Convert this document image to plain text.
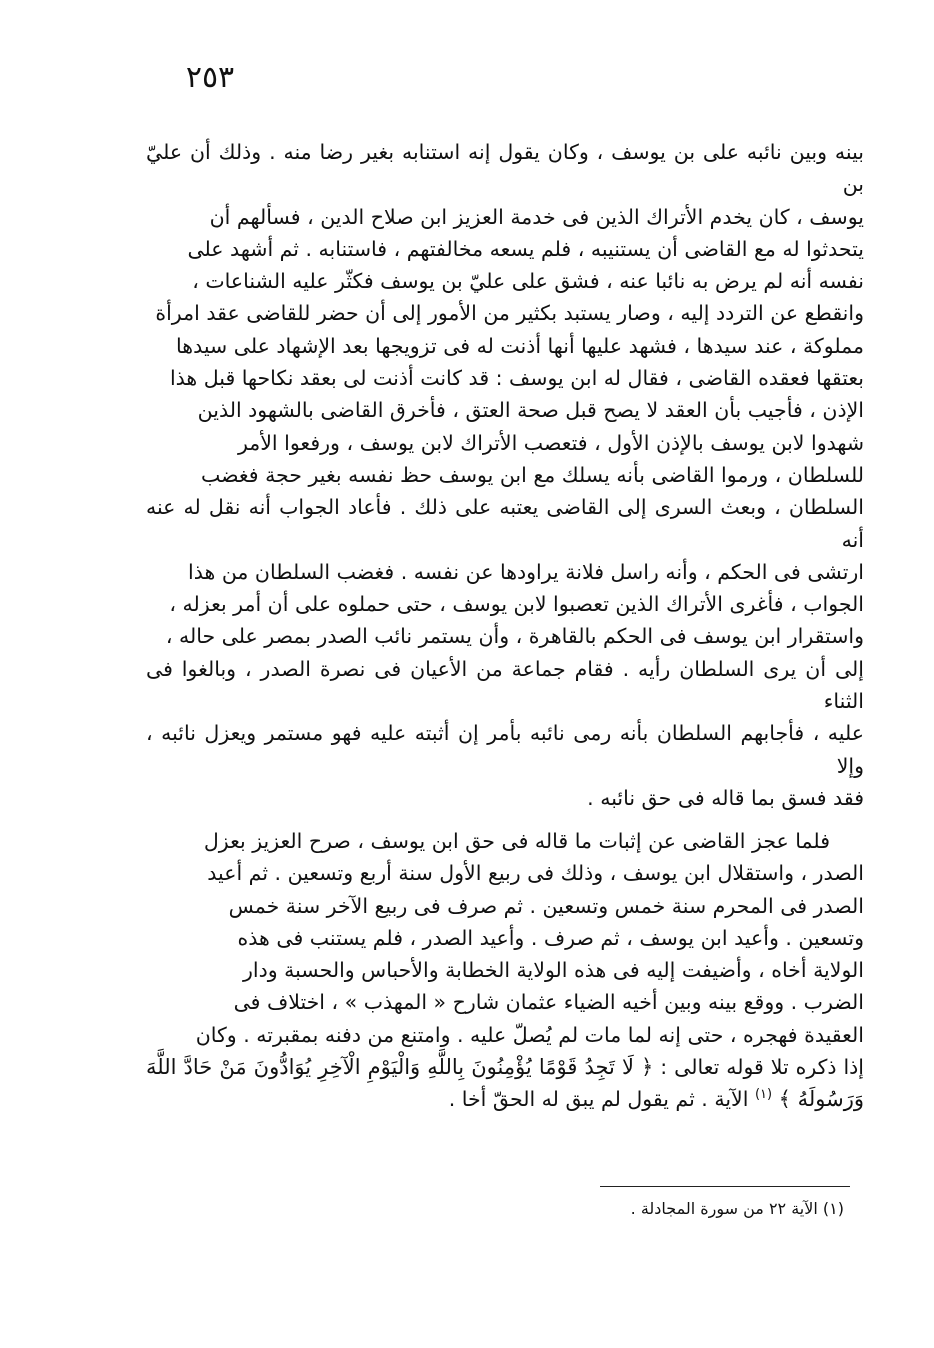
٢٥٣

بينه وبين نائبه على بن يوسف ، وكان يقول إنه استنابه بغير رضا منه . وذلك أن عليّ بن

يوسف ، كان يخدم الأتراك الذين فى خدمة العزيز ابن صلاح الدين ، فسألهم أن

يتحدثوا له مع القاضى أن يستنيبه ، فلم يسعه مخالفتهم ، فاستنابه . ثم أشهد على

نفسه أنه لم يرض به نائبا عنه ، فشق على عليّ بن يوسف فكثّر عليه الشناعات ،

وانقطع عن التردد إليه ، وصار يستبد بكثير من الأمور إلى أن حضر للقاضى عقد امرأة

مملوكة ، عند سيدها ، فشهد عليها أنها أذنت له فى تزويجها بعد الإشهاد على سيدها

بعتقها فعقده القاضى ، فقال له ابن يوسف : قد كانت أذنت لى بعقد نكاحها قبل هذا

الإذن ، فأجيب بأن العقد لا يصح قبل صحة العتق ، فأخرق القاضى بالشهود الذين

شهدوا لابن يوسف بالإذن الأول ، فتعصب الأتراك لابن يوسف ، ورفعوا الأمر

للسلطان ، ورموا القاضى بأنه يسلك مع ابن يوسف حظ نفسه بغير حجة فغضب

السلطان ، وبعث السرى إلى القاضى يعتبه على ذلك . فأعاد الجواب أنه نقل له عنه أنه

ارتشى فى الحكم ، وأنه راسل فلانة يراودها عن نفسه . فغضب السلطان من هذا

الجواب ، فأغرى الأتراك الذين تعصبوا لابن يوسف ، حتى حملوه على أن أمر بعزله ،

واستقرار ابن يوسف فى الحكم بالقاهرة ، وأن يستمر نائب الصدر بمصر على حاله ،

إلى أن يرى السلطان رأيه . فقام جماعة من الأعيان فى نصرة الصدر ، وبالغوا فى الثناء

عليه ، فأجابهم السلطان بأنه رمى نائبه بأمر إن أثبته عليه فهو مستمر ويعزل نائبه ، وإلا

فقد فسق بما قاله فى حق نائبه .

فلما عجز القاضى عن إثبات ما قاله فى حق ابن يوسف ، صرح العزيز بعزل

الصدر ، واستقلال ابن يوسف ، وذلك فى ربيع الأول سنة أربع وتسعين . ثم أعيد

الصدر فى المحرم سنة خمس وتسعين . ثم صرف فى ربيع الآخر سنة خمس

وتسعين . وأعيد ابن يوسف ، ثم صرف . وأعيد الصدر ، فلم يستنب فى هذه

الولاية أخاه ، وأضيفت إليه فى هذه الولاية الخطابة والأحباس والحسبة ودار

الضرب . ووقع بينه وبين أخيه الضياء عثمان شارح « المهذب » ، اختلاف فى

العقيدة فهجره ، حتى إنه لما مات لم يُصلّ عليه . وامتنع من دفنه بمقبرته . وكان

إذا ذكره تلا قوله تعالى : ﴿ لَا تَجِدُ قَوْمًا يُؤْمِنُونَ بِاللَّهِ وَالْيَوْمِ الْآخِرِ يُوَادُّونَ مَنْ حَادَّ اللَّهَ وَرَسُولَهُ ﴾ $^{(١)}$ الآية . ثم يقول لم يبق له الحقّ أخا .

(١) الآية ٢٢ من سورة المجادلة .
